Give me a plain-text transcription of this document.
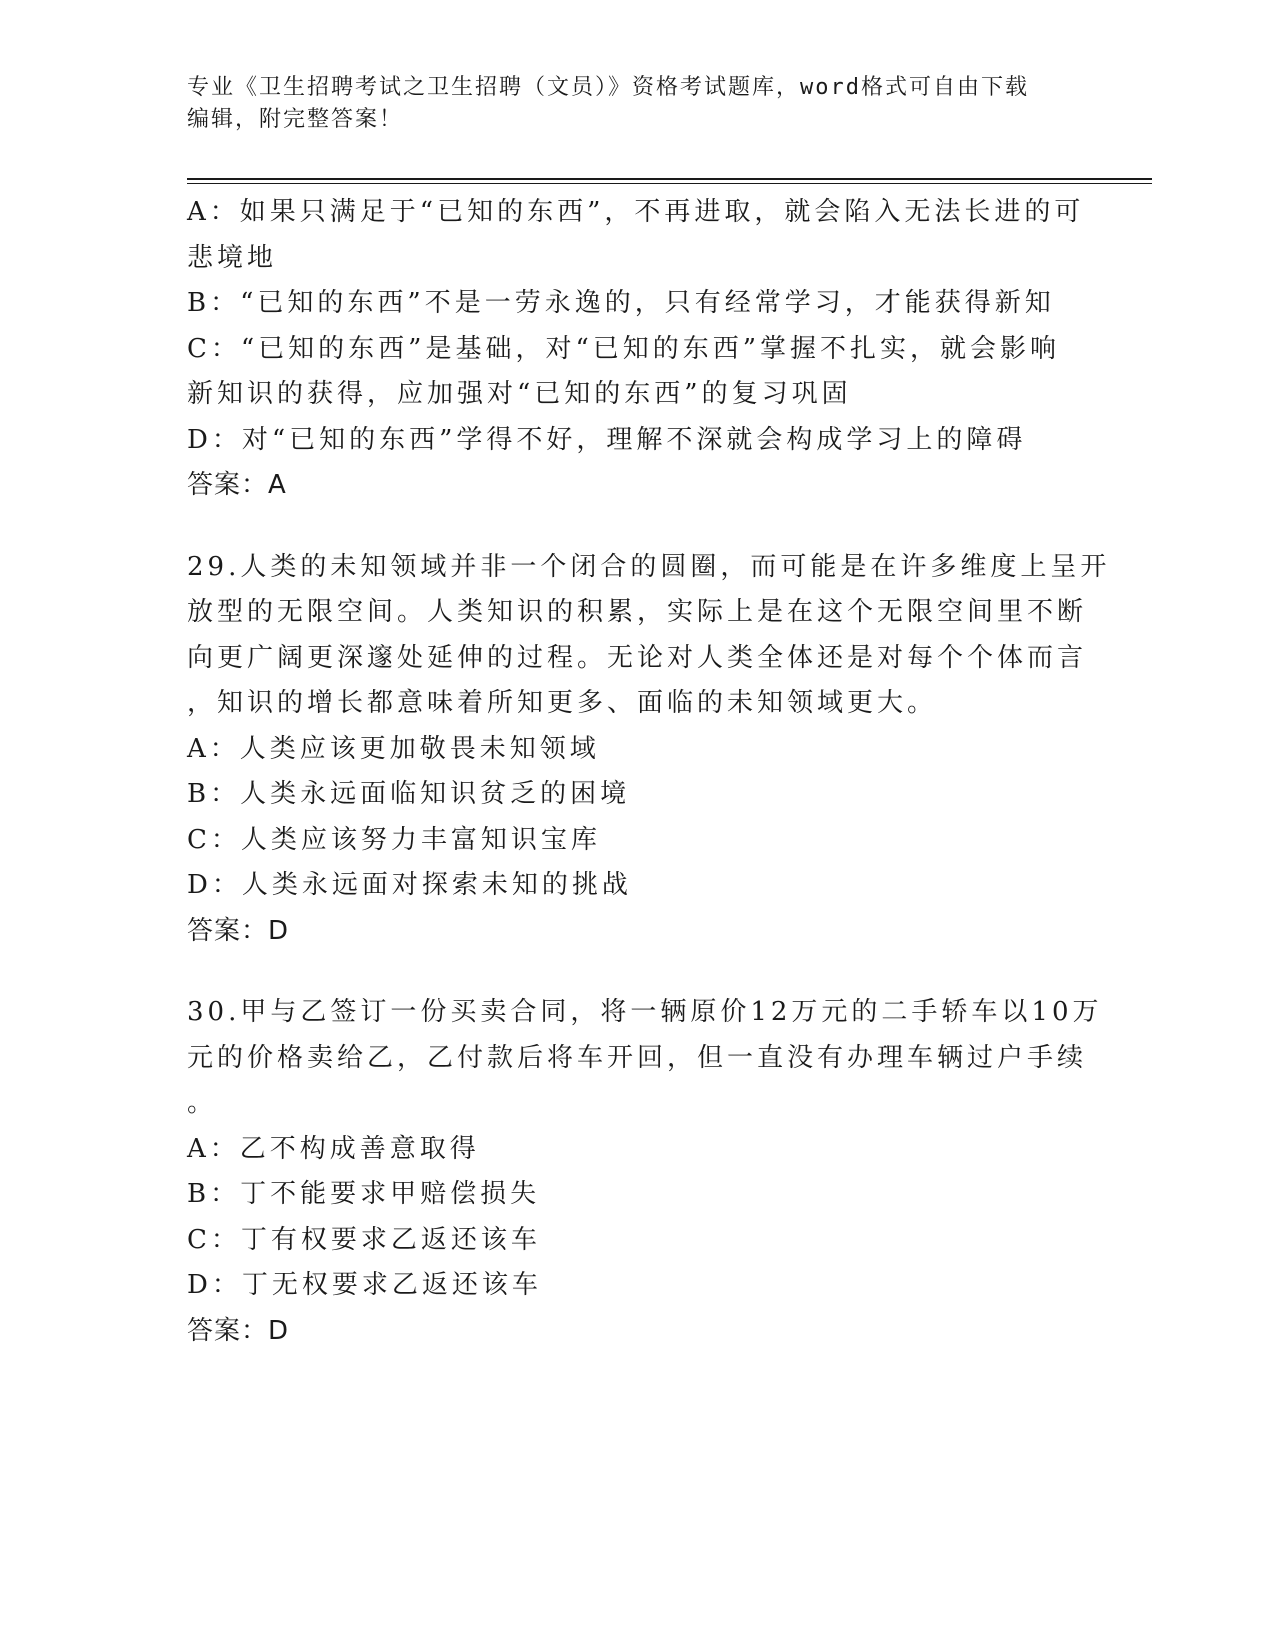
专业《卫生招聘考试之卫生招聘（文员）》资格考试题库，word格式可自由下载
编辑，附完整答案！
A：如果只满足于“已知的东西”，不再进取，就会陷入无法长进的可
悲境地
B：“已知的东西”不是一劳永逸的，只有经常学习，才能获得新知
C：“已知的东西”是基础，对“已知的东西”掌握不扎实，就会影响
新知识的获得，应加强对“已知的东西”的复习巩固
D：对“已知的东西”学得不好，理解不深就会构成学习上的障碍
答案：A
29.人类的未知领域并非一个闭合的圆圈，而可能是在许多维度上呈开
放型的无限空间。人类知识的积累，实际上是在这个无限空间里不断
向更广阔更深邃处延伸的过程。无论对人类全体还是对每个个体而言
，知识的增长都意味着所知更多、面临的未知领域更大。
A：人类应该更加敬畏未知领域
B：人类永远面临知识贫乏的困境
C：人类应该努力丰富知识宝库
D：人类永远面对探索未知的挑战
答案：D
30.甲与乙签订一份买卖合同，将一辆原价12万元的二手轿车以10万
元的价格卖给乙，乙付款后将车开回，但一直没有办理车辆过户手续
。
A：乙不构成善意取得
B：丁不能要求甲赔偿损失
C：丁有权要求乙返还该车
D：丁无权要求乙返还该车
答案：D
